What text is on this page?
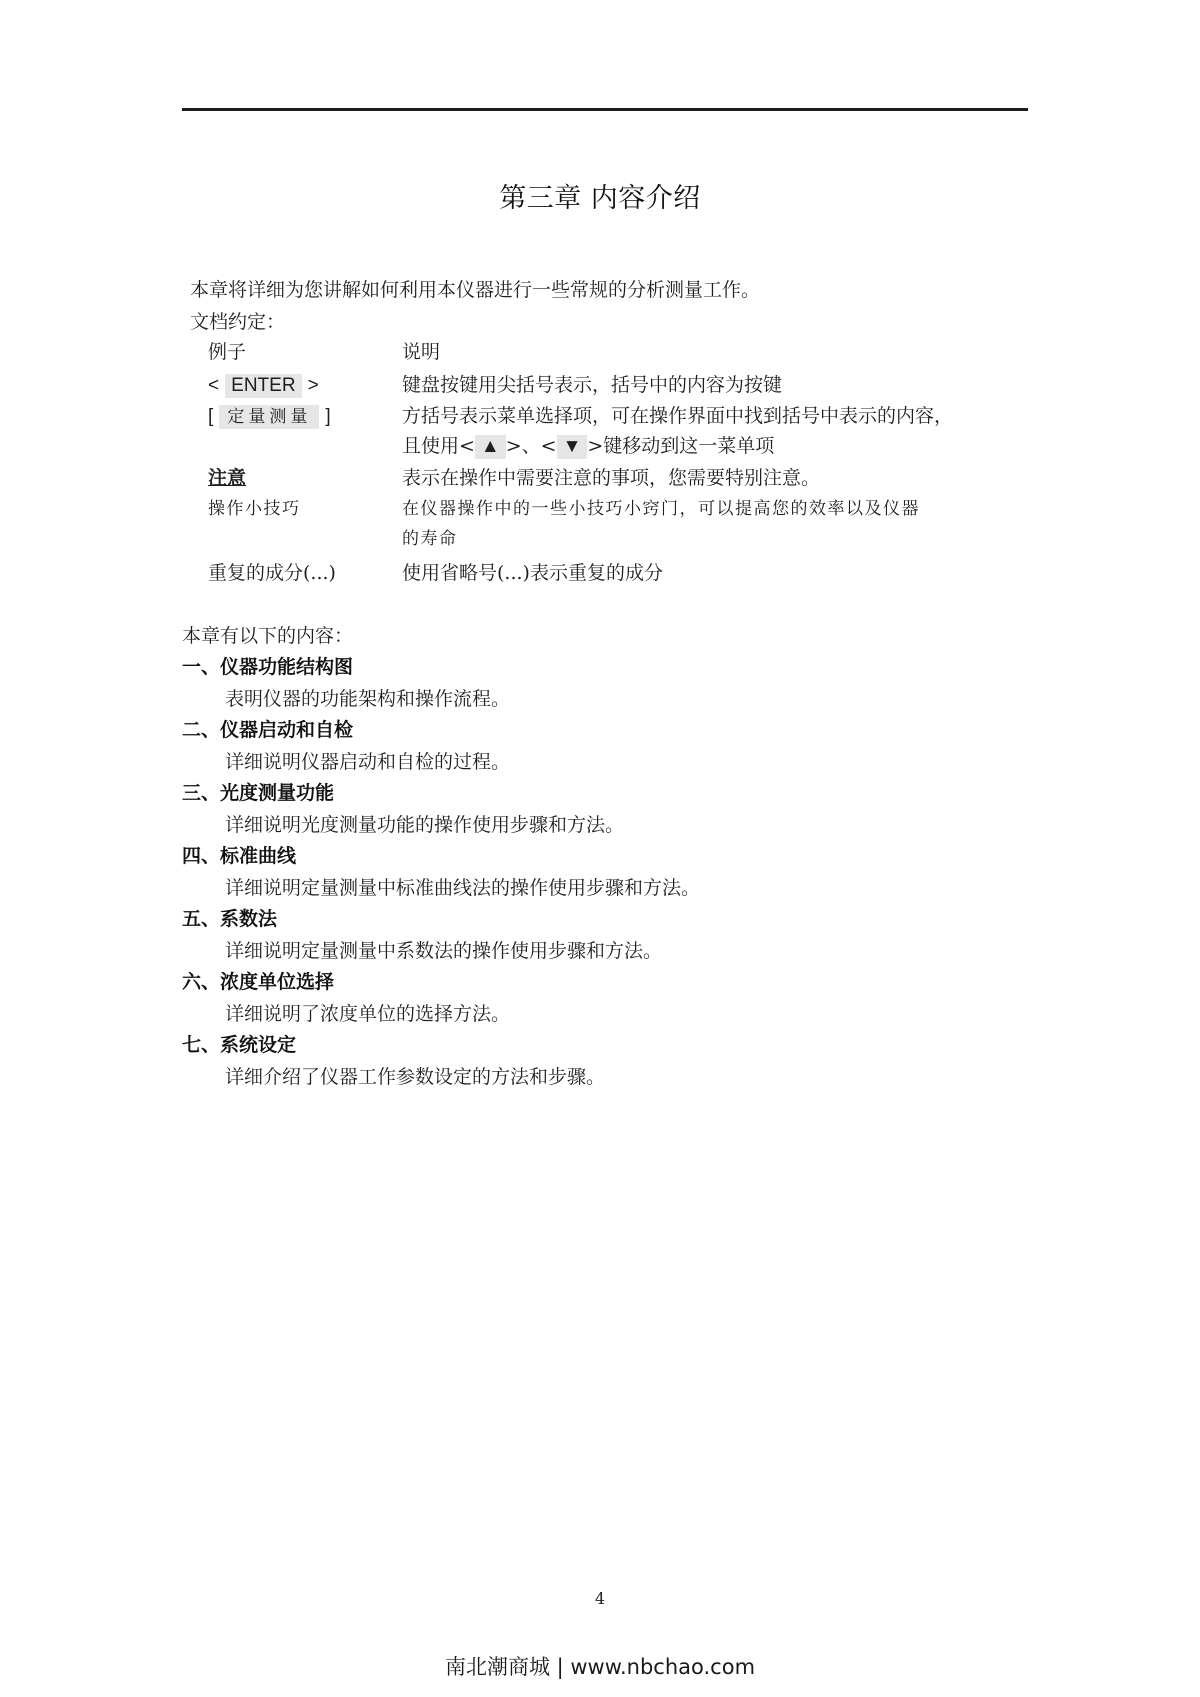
第三章 内容介绍
本章将详细为您讲解如何利用本仪器进行一些常规的分析测量工作。
文档约定：
例子	说明
< ENTER >	键盘按键用尖括号表示，括号中的内容为按键
[ 定量测量 ]	方括号表示菜单选择项，可在操作界面中找到括号中表示的内容，
且使用< ▲ >、< ▼ >键移动到这一菜单项
注意	表示在操作中需要注意的事项，您需要特别注意。
操作小技巧	在仪器操作中的一些小技巧小窍门，可以提高您的效率以及仪器
的寿命
重复的成分(...)	使用省略号(...)表示重复的成分
本章有以下的内容：
一、仪器功能结构图
表明仪器的功能架构和操作流程。
二、仪器启动和自检
详细说明仪器启动和自检的过程。
三、光度测量功能
详细说明光度测量功能的操作使用步骤和方法。
四、标准曲线
详细说明定量测量中标准曲线法的操作使用步骤和方法。
五、系数法
详细说明定量测量中系数法的操作使用步骤和方法。
六、浓度单位选择
详细说明了浓度单位的选择方法。
七、系统设定
详细介绍了仪器工作参数设定的方法和步骤。
4
南北潮商城 | www.nbchao.com
